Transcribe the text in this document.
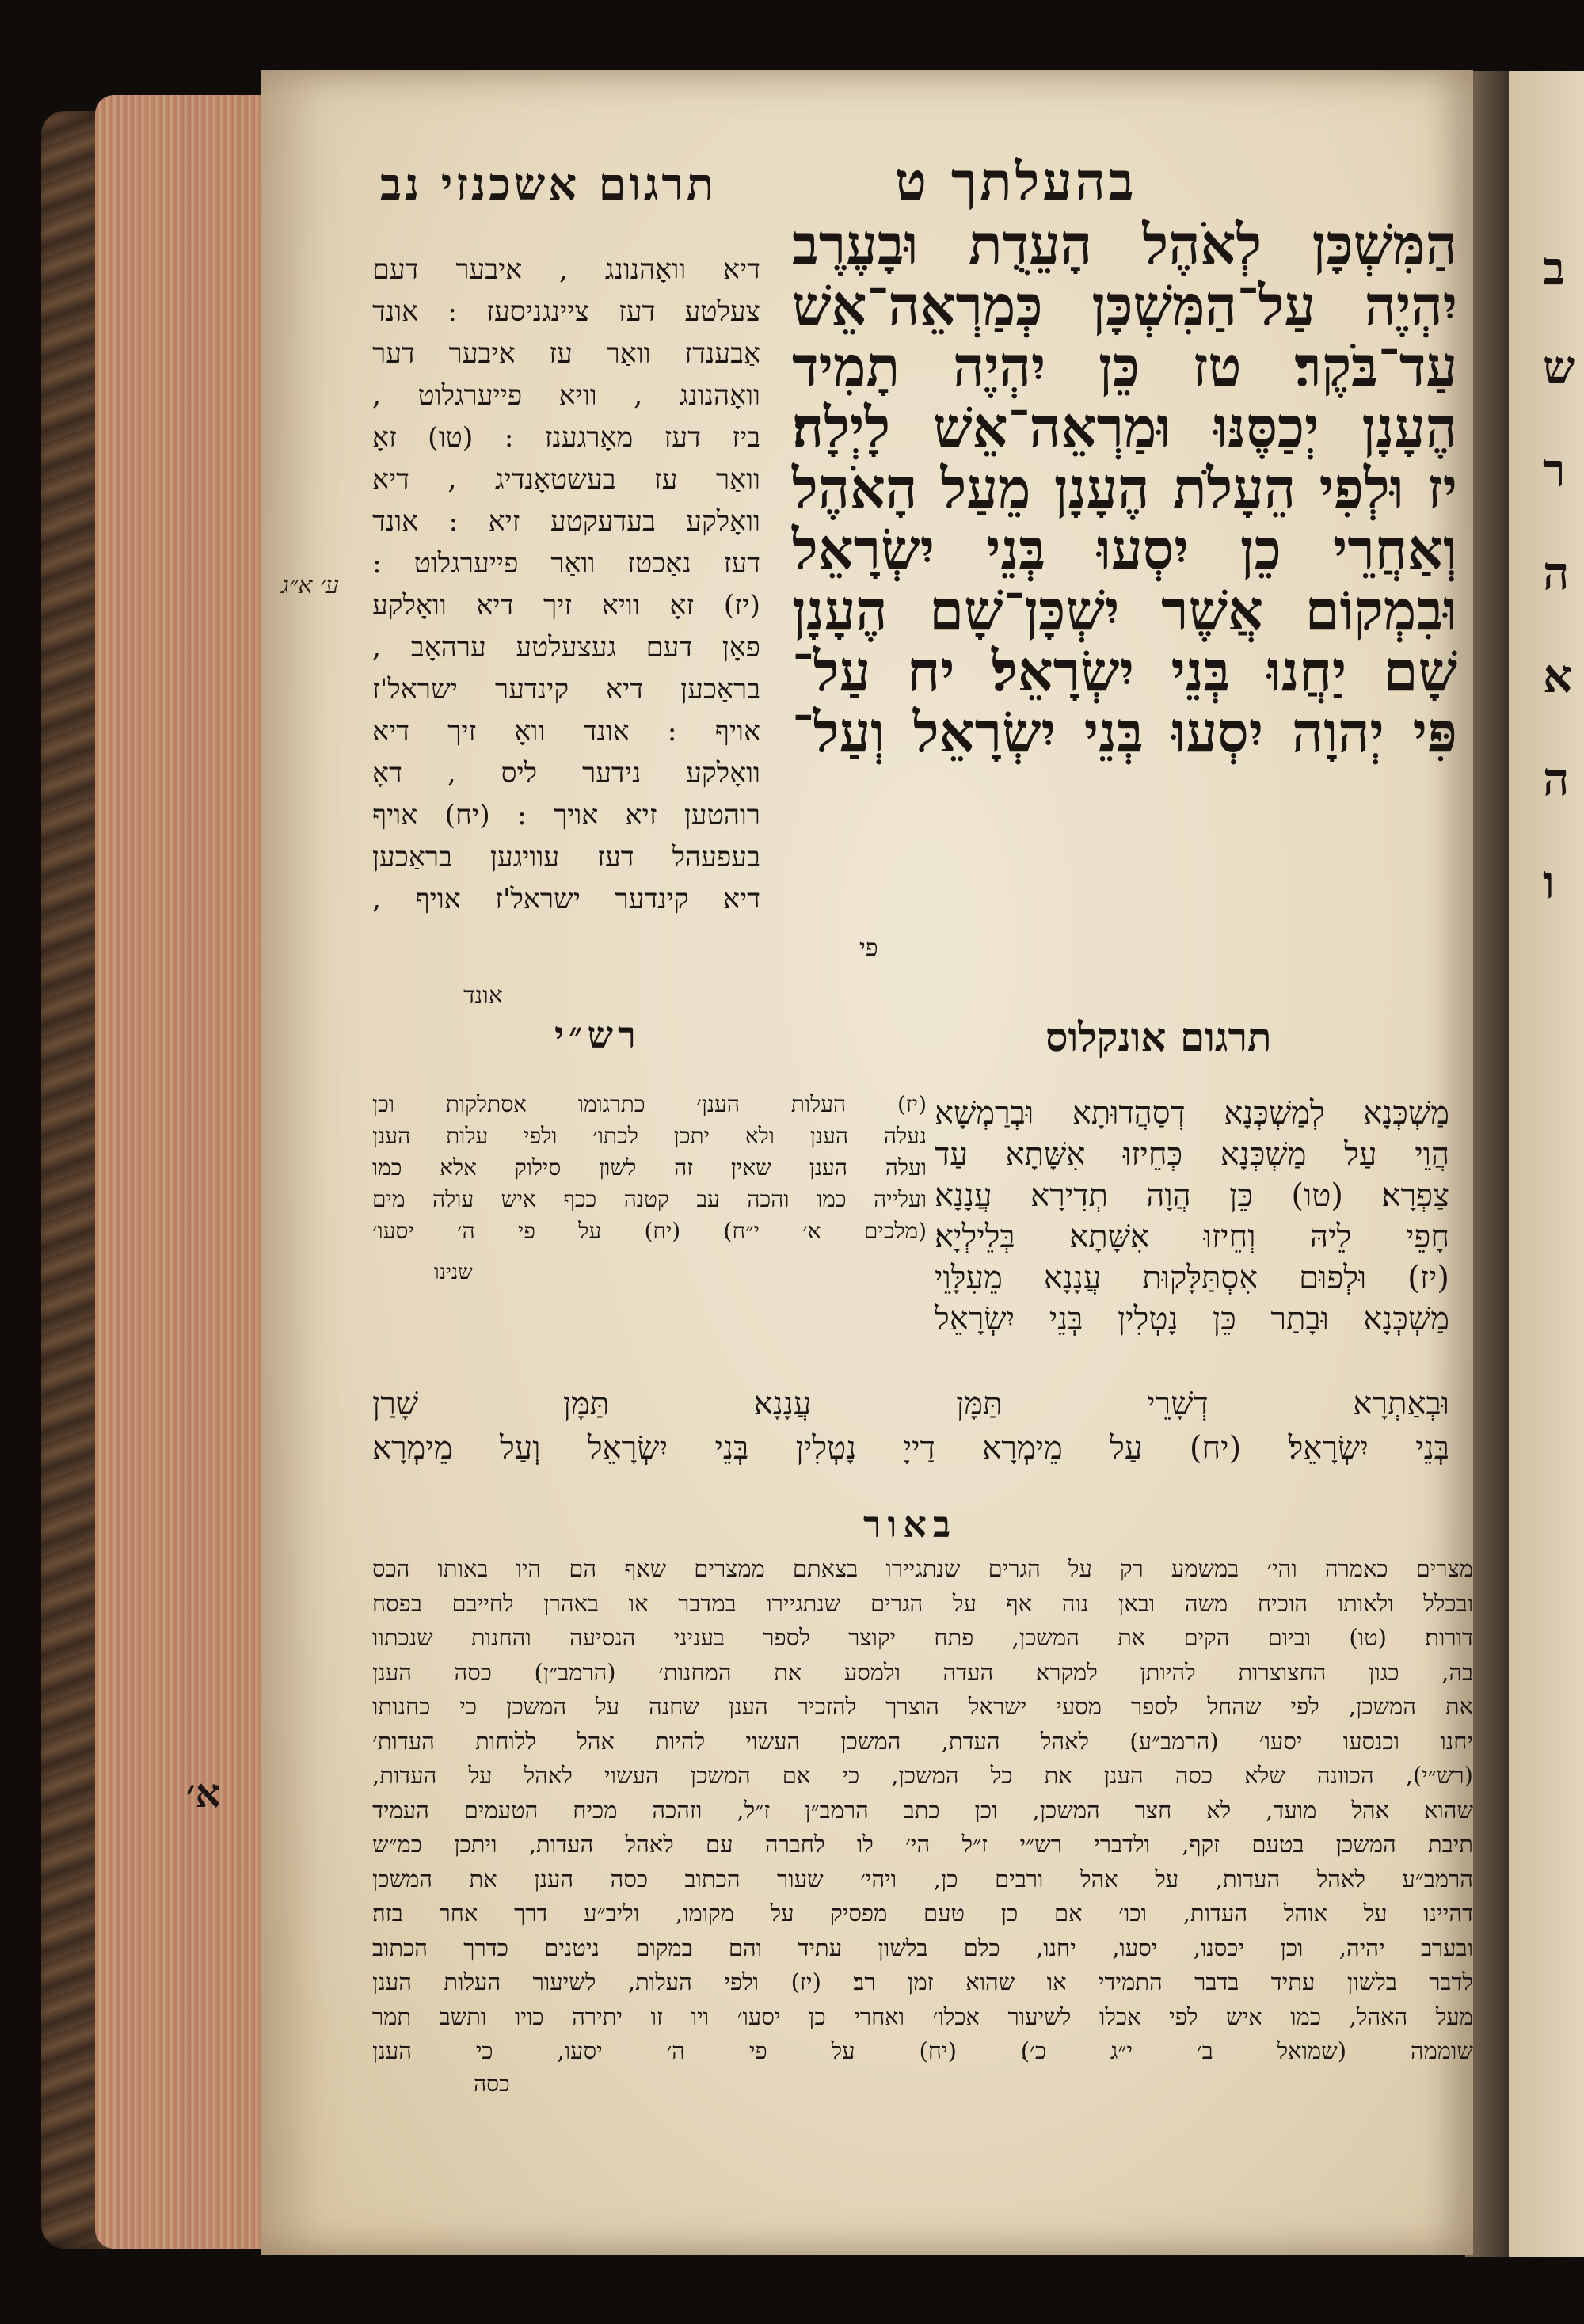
ב
ש
ר
ה
א
ה
ו
תרגום אשכנזי נב	בהעלתך ט
הַמִּשְׁכָּן לְאֹהֶל הָעֵדֻת וּבָעֶרֶב
יִהְיֶה עַל־הַמִּשְׁכָּן כְּמַרְאֵה־אֵשׁ
עַד־בֹּקֶר׃ טז כֵּן יִהְיֶה תָמִיד
הֶעָנָן יְכַסֶּנּוּ וּמַרְאֵה־אֵשׁ לָיְלָה׃
יז וּלְפִי הֵעָלֹת הֶעָנָן מֵעַל הָאֹהֶל
וְאַחֲרֵי כֵן יִסְעוּ בְּנֵי יִשְׂרָאֵל
וּבִמְקוֹם אֲשֶׁר יִשְׁכָּן־שָׁם הֶעָנָן
שָׁם יַחֲנוּ בְּנֵי יִשְׂרָאֵל׃ יח עַל־
פִּי יְהוָה יִסְעוּ בְּנֵי יִשְׂרָאֵל וְעַל־
פי
דיא וואָהנונג , איבער דעם
צעלטע דעז ציינגניסעז : אונד
אַבענדז וואַר עז איבער דער
וואָהנונג , וויא פייערגלוט ,
ביז דעז מאָרגענז : (טו) זאָ
וואַר עז בעשטאָנדיג , דיא
וואָלקע בעדעקטע זיא : אונד
דעז נאַכטז וואַר פייערגלוט :
(יז) זאָ וויא זיך דיא וואָלקע
פאָן דעם געצעלטע ערהאָב ,
בראַכען דיא קינדער ישראל'ז
אויף : אונד וואָ זיך דיא
וואָלקע נידער ליס , דאָ
רוהטען זיא אויך : (יח) אויף
בעפעהל דעז עוויגען בראַכען
דיא קינדער ישראל'ז אויף ,
אונד
ע׳ א״ג
תרגום אונקלוס
רש״י
מַשְׁכְּנָא לְמַשְׁכְּנָא דְסַהֲדוּתָא וּבְרַמְשָׁא
הֲוֵי עַל מַשְׁכְּנָא כְּחֵיזוּ אִשָּׁתָא עַד
צַפְרָא׃ (טו) כֵּן הֲוָה תְדִירָא עֲנָנָא
חָפֵי לֵיהּ וְחֵיזוּ אִשָּׁתָא בְּלֵילְיָא׃
(יז) וּלְפוּם אִסְתַּלָּקוּת עֲנָנָא מֵעִלָּוֵי
מַשְׁכְּנָא וּבָתַר כֵּן נָטְלִין בְּנֵי יִשְׂרָאֵל
(יז) העלות הענן׳ כתרגומו אסתלקות וכן
נעלה הענן ולא יתכן לכתו׳ ולפי עלות הענן
ועלה הענן שאין זה לשון סילוק אלא כמו
ועלייה כמו והכה עב קטנה ככף איש עולה מים
(מלכים א׳ י״ח)׃ (יח) על פי ה׳ יסעו׳
שנינו
וּבְאַתְרָא דְשָׁרֵי תַּמָּן עֲנָנָא תַּמָּן שָׁרַן
בְּנֵי יִשְׂרָאֵל׃ (יח) עַל מֵימְרָא דַייָ נָטְלִין בְּנֵי יִשְׂרָאֵל וְעַל מֵימְרָא
באור
מצרים כאמרה והי׳ במשמע רק על הגרים שנתגיירו בצאתם ממצרים שאף הם היו באותו הכס
ובכלל ולאותו הוכיח משה ובאן נוה אף על הגרים שנתגיירו במדבר או באהרן לחייבם בפסח
דורות׃ (טו) וביום הקים את המשכן, פתח יקוצר לספר בעניני הנסיעה והחנות שנכתוו
בה, כגון החצוצרות להיותן למקרא העדה ולמסע את המחנות׳ (הרמב״ן)׃ כסה הענן
את המשכן, לפי שהחל לספר מסעי ישראל הוצרך להזכיר הענן שחנה על המשכן כי כחנותו
יחנו וכנסעו יסעו׳ (הרמב״ע)׃ לאהל העדת, המשכן העשוי להיות אהל ללוחות העדות׳
(רש״י), הכוונה שלא כסה הענן את כל המשכן, כי אם המשכן העשוי לאהל על העדות,
שהוא אהל מועד, לא חצר המשכן, וכן כתב הרמב״ן ז״ל, וזהכה מכיח הטעמים העמיד
תיבת המשכן בטעם זקף, ולדברי רש״י ז״ל הי׳ לו לחברה עם לאהל העדות, ויתכן כמ״ש
הרמב״ע לאהל העדות, על אהל ורבים כן, ויהי׳ שעור הכתוב כסה הענן את המשכן
דהיינו על אוהל העדות, וכו׳ אם כן טעם מפסיק על מקומו, וליב״ע דרך אחר בזה׃
ובערב יהיה, וכן יכסנו, יסעו, יחנו, כלם בלשון עתיד והם במקום ניטנים כדרך הכתוב
לדבר בלשון עתיד בדבר התמידי או שהוא זמן רב׃ (יז) ולפי העלות, לשיעור העלות הענן
מעל האהל, כמו איש לפי אכלו לשיעור אכלו׳ ואחרי כן יסעו׳ ויו זו יתירה כויו ותשב תמר
שוממה (שמואל ב׳ י״ג כ׳)׃ (יח) על פי ה׳ יסעו, כי הענן
כסה
א׳
